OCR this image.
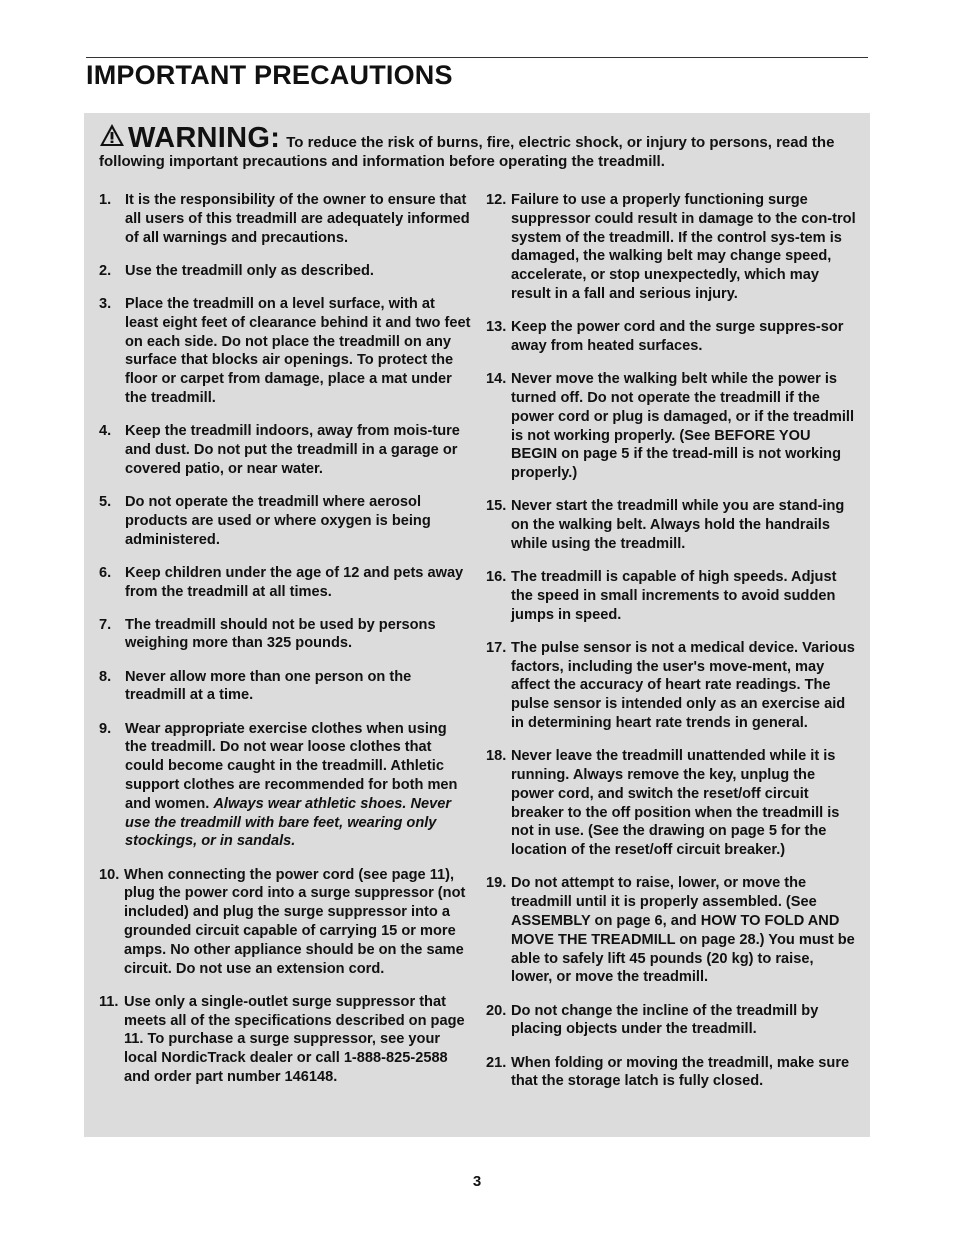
IMPORTANT PRECAUTIONS
WARNING: To reduce the risk of burns, fire, electric shock, or injury to persons, read the following important precautions and information before operating the treadmill.
1. It is the responsibility of the owner to ensure that all users of this treadmill are adequately informed of all warnings and precautions.
2. Use the treadmill only as described.
3. Place the treadmill on a level surface, with at least eight feet of clearance behind it and two feet on each side. Do not place the treadmill on any surface that blocks air openings. To protect the floor or carpet from damage, place a mat under the treadmill.
4. Keep the treadmill indoors, away from mois-ture and dust. Do not put the treadmill in a garage or covered patio, or near water.
5. Do not operate the treadmill where aerosol products are used or where oxygen is being administered.
6. Keep children under the age of 12 and pets away from the treadmill at all times.
7. The treadmill should not be used by persons weighing more than 325 pounds.
8. Never allow more than one person on the treadmill at a time.
9. Wear appropriate exercise clothes when using the treadmill. Do not wear loose clothes that could become caught in the treadmill. Athletic support clothes are recommended for both men and women. Always wear athletic shoes. Never use the treadmill with bare feet, wearing only stockings, or in sandals.
10. When connecting the power cord (see page 11), plug the power cord into a surge suppressor (not included) and plug the surge suppressor into a grounded circuit capable of carrying 15 or more amps. No other appliance should be on the same circuit. Do not use an extension cord.
11. Use only a single-outlet surge suppressor that meets all of the specifications described on page 11. To purchase a surge suppressor, see your local NordicTrack dealer or call 1-888-825-2588 and order part number 146148.
12. Failure to use a properly functioning surge suppressor could result in damage to the con-trol system of the treadmill. If the control sys-tem is damaged, the walking belt may change speed, accelerate, or stop unexpectedly, which may result in a fall and serious injury.
13. Keep the power cord and the surge suppres-sor away from heated surfaces.
14. Never move the walking belt while the power is turned off. Do not operate the treadmill if the power cord or plug is damaged, or if the treadmill is not working properly. (See BEFORE YOU BEGIN on page 5 if the tread-mill is not working properly.)
15. Never start the treadmill while you are stand-ing on the walking belt. Always hold the handrails while using the treadmill.
16. The treadmill is capable of high speeds. Adjust the speed in small increments to avoid sudden jumps in speed.
17. The pulse sensor is not a medical device. Various factors, including the user's move-ment, may affect the accuracy of heart rate readings. The pulse sensor is intended only as an exercise aid in determining heart rate trends in general.
18. Never leave the treadmill unattended while it is running. Always remove the key, unplug the power cord, and switch the reset/off circuit breaker to the off position when the treadmill is not in use. (See the drawing on page 5 for the location of the reset/off circuit breaker.)
19. Do not attempt to raise, lower, or move the treadmill until it is properly assembled. (See ASSEMBLY on page 6, and HOW TO FOLD AND MOVE THE TREADMILL on page 28.) You must be able to safely lift 45 pounds (20 kg) to raise, lower, or move the treadmill.
20. Do not change the incline of the treadmill by placing objects under the treadmill.
21. When folding or moving the treadmill, make sure that the storage latch is fully closed.
3
